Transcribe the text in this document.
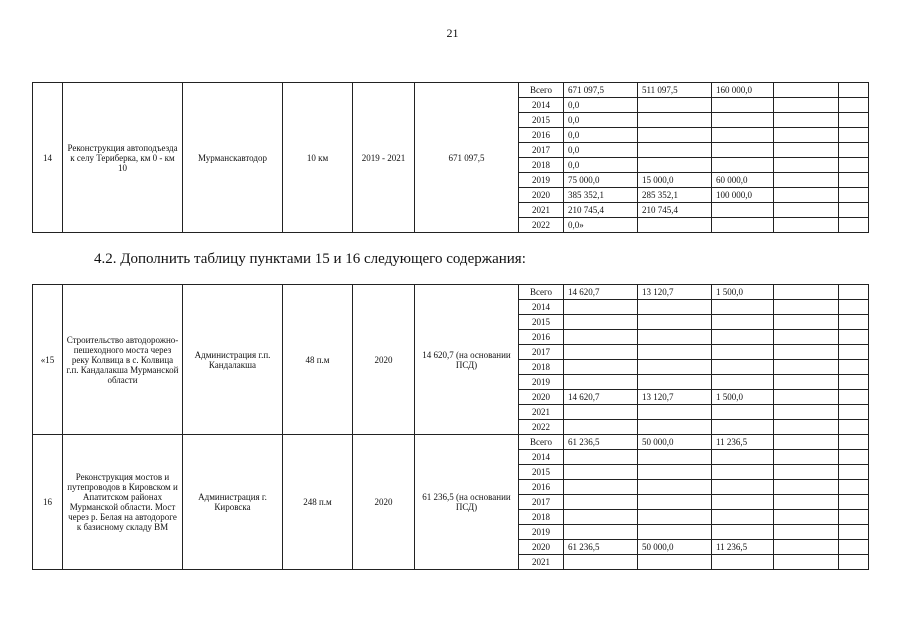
21
14	Реконструкция автоподъезда к селу Териберка, км 0 - км 10	Мурманскавтодор	10 км	2019 - 2021	671 097,5	Всего	671 097,5	511 097,5	160 000,0		
						2014	0,0				
						2015	0,0				
						2016	0,0				
						2017	0,0				
						2018	0,0				
						2019	75 000,0	15 000,0	60 000,0		
						2020	385 352,1	285 352,1	100 000,0		
						2021	210 745,4	210 745,4			
						2022	0,0»				
4.2. Дополнить таблицу пунктами 15 и 16 следующего содержания:
«15	Строительство автодорожно-пешеходного моста через реку Колвица в с. Колвица г.п. Кандалакша Мурманской области	Администрация г.п. Кандалакша	48 п.м	2020	14 620,7 (на основании ПСД)	Всего	14 620,7	13 120,7	1 500,0		
						2014					
						2015					
						2016					
						2017					
						2018					
						2019					
						2020	14 620,7	13 120,7	1 500,0		
						2021					
						2022					
16	Реконструкция мостов и путепроводов в Кировском и Апатитском районах Мурманской области. Мост через р. Белая на автодороге к базисному складу ВМ	Администрация г. Кировска	248 п.м	2020	61 236,5 (на основании ПСД)	Всего	61 236,5	50 000,0	11 236,5		
						2014					
						2015					
						2016					
						2017					
						2018					
						2019					
						2020	61 236,5	50 000,0	11 236,5		
						2021					
